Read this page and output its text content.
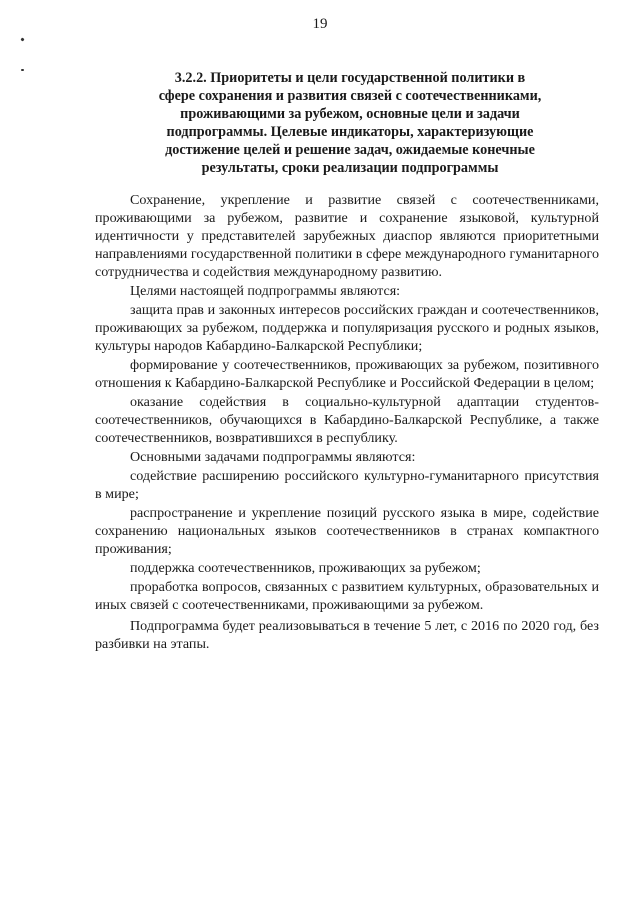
19
3.2.2. Приоритеты и цели государственной политики в
сфере сохранения и развития связей с соотечественниками,
проживающими за рубежом, основные цели и задачи
подпрограммы. Целевые индикаторы, характеризующие
достижение целей и решение задач, ожидаемые конечные
результаты, сроки реализации подпрограммы

Сохранение, укрепление и развитие связей с соотечественниками, проживающими за рубежом, развитие и сохранение языковой, культурной идентичности у представителей зарубежных диаспор являются приоритетными направлениями государственной политики в сфере международного гуманитарного сотрудничества и содействия международному развитию.

Целями настоящей подпрограммы являются:

защита прав и законных интересов российских граждан и соотечественников, проживающих за рубежом, поддержка и популяризация русского и родных языков, культуры народов Кабардино-Балкарской Республики;

формирование у соотечественников, проживающих за рубежом, позитивного отношения к Кабардино-Балкарской Республике и Российской Федерации в целом;

оказание содействия в социально-культурной адаптации студентов-соотечественников, обучающихся в Кабардино-Балкарской Республике, а также соотечественников, возвратившихся в республику.

Основными задачами подпрограммы являются:

содействие расширению российского культурно-гуманитарного присутствия в мире;

распространение и укрепление позиций русского языка в мире, содействие сохранению национальных языков соотечественников в странах компактного проживания;

поддержка соотечественников, проживающих за рубежом;

проработка вопросов, связанных с развитием культурных, образовательных и иных связей с соотечественниками, проживающими за рубежом.

Подпрограмма будет реализовываться в течение 5 лет, с 2016 по 2020 год, без разбивки на этапы.
